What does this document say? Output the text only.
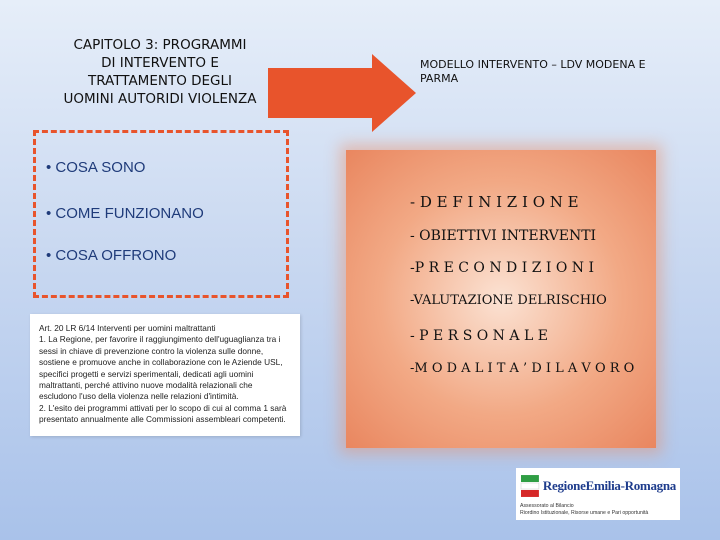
CAPITOLO 3: PROGRAMMI
DI INTERVENTO E
TRATTAMENTO DEGLI
UOMINI AUTORIDI VIOLENZA
MODELLO INTERVENTO – LDV MODENA E
PARMA
• COSA SONO
• COME FUNZIONANO
• COSA OFFRONO
Art. 20 LR 6/14 Interventi per uomini maltrattanti
1. La Regione, per favorire il raggiungimento dell'uguaglianza tra i sessi in chiave di prevenzione contro la violenza sulle donne, sostiene e promuove anche in collaborazione con le Aziende USL, specifici progetti e servizi sperimentali, dedicati agli uomini maltrattanti, perché attivino nuove modalità relazionali che escludono l'uso della violenza nelle relazioni d'intimità.
2. L'esito dei programmi attivati per lo scopo di cui al comma 1 sarà presentato annualmente alle Commissioni assembleari competenti.
- D E F I N I Z I O N E
- OBIETTIVI INTERVENTI
-P R E C O N D I Z I O N I
-VALUTAZIONE DELRISCHIO
- P E R S O N A L E
-M O D A L I T A ’ D I L A V O R O
RegioneEmilia-Romagna
Assessorato al Bilancio
Riordino Istituzionale, Risorse umane e Pari opportunità
